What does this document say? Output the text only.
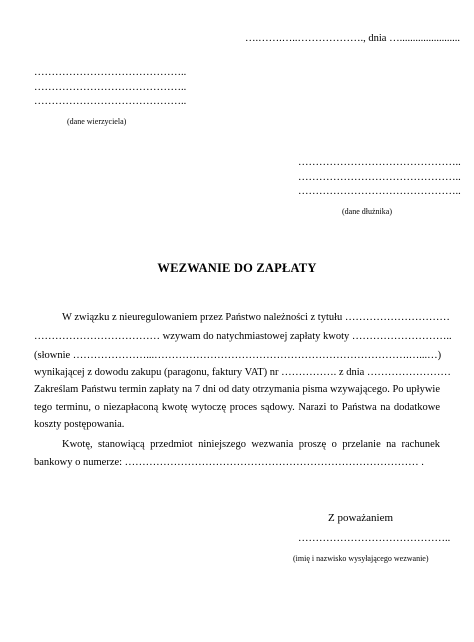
….…….…..………………., dnia ….......................
……………………………………..
……………………………………..
……………………………………..
(dane wierzyciela)
………………………………………..
………………………………………..
………………………………………..
(dane dłużnika)
WEZWANIE DO ZAPŁATY
W związku z nieuregulowaniem przez Państwo należności z tytułu …………………………
……………………………… wzywam do natychmiastowej zapłaty kwoty ………………………..
(słownie …………………...……………………………………………………………….…...…)
wynikającej z dowodu zakupu (paragonu, faktury VAT) nr ……………. z dnia ……………………
Zakreślam Państwu termin zapłaty na 7 dni od daty otrzymania pisma wzywającego. Po upływie
tego terminu, o niezapłaconą kwotę wytoczę proces sądowy. Narazi to Państwa na dodatkowe
koszty postępowania.
Kwotę, stanowiącą przedmiot niniejszego wezwania proszę o przelanie na rachunek
bankowy o numerze: ………………………………………………………………………… .
Z poważaniem
……………………………………..
(imię i nazwisko wysyłającego wezwanie)
